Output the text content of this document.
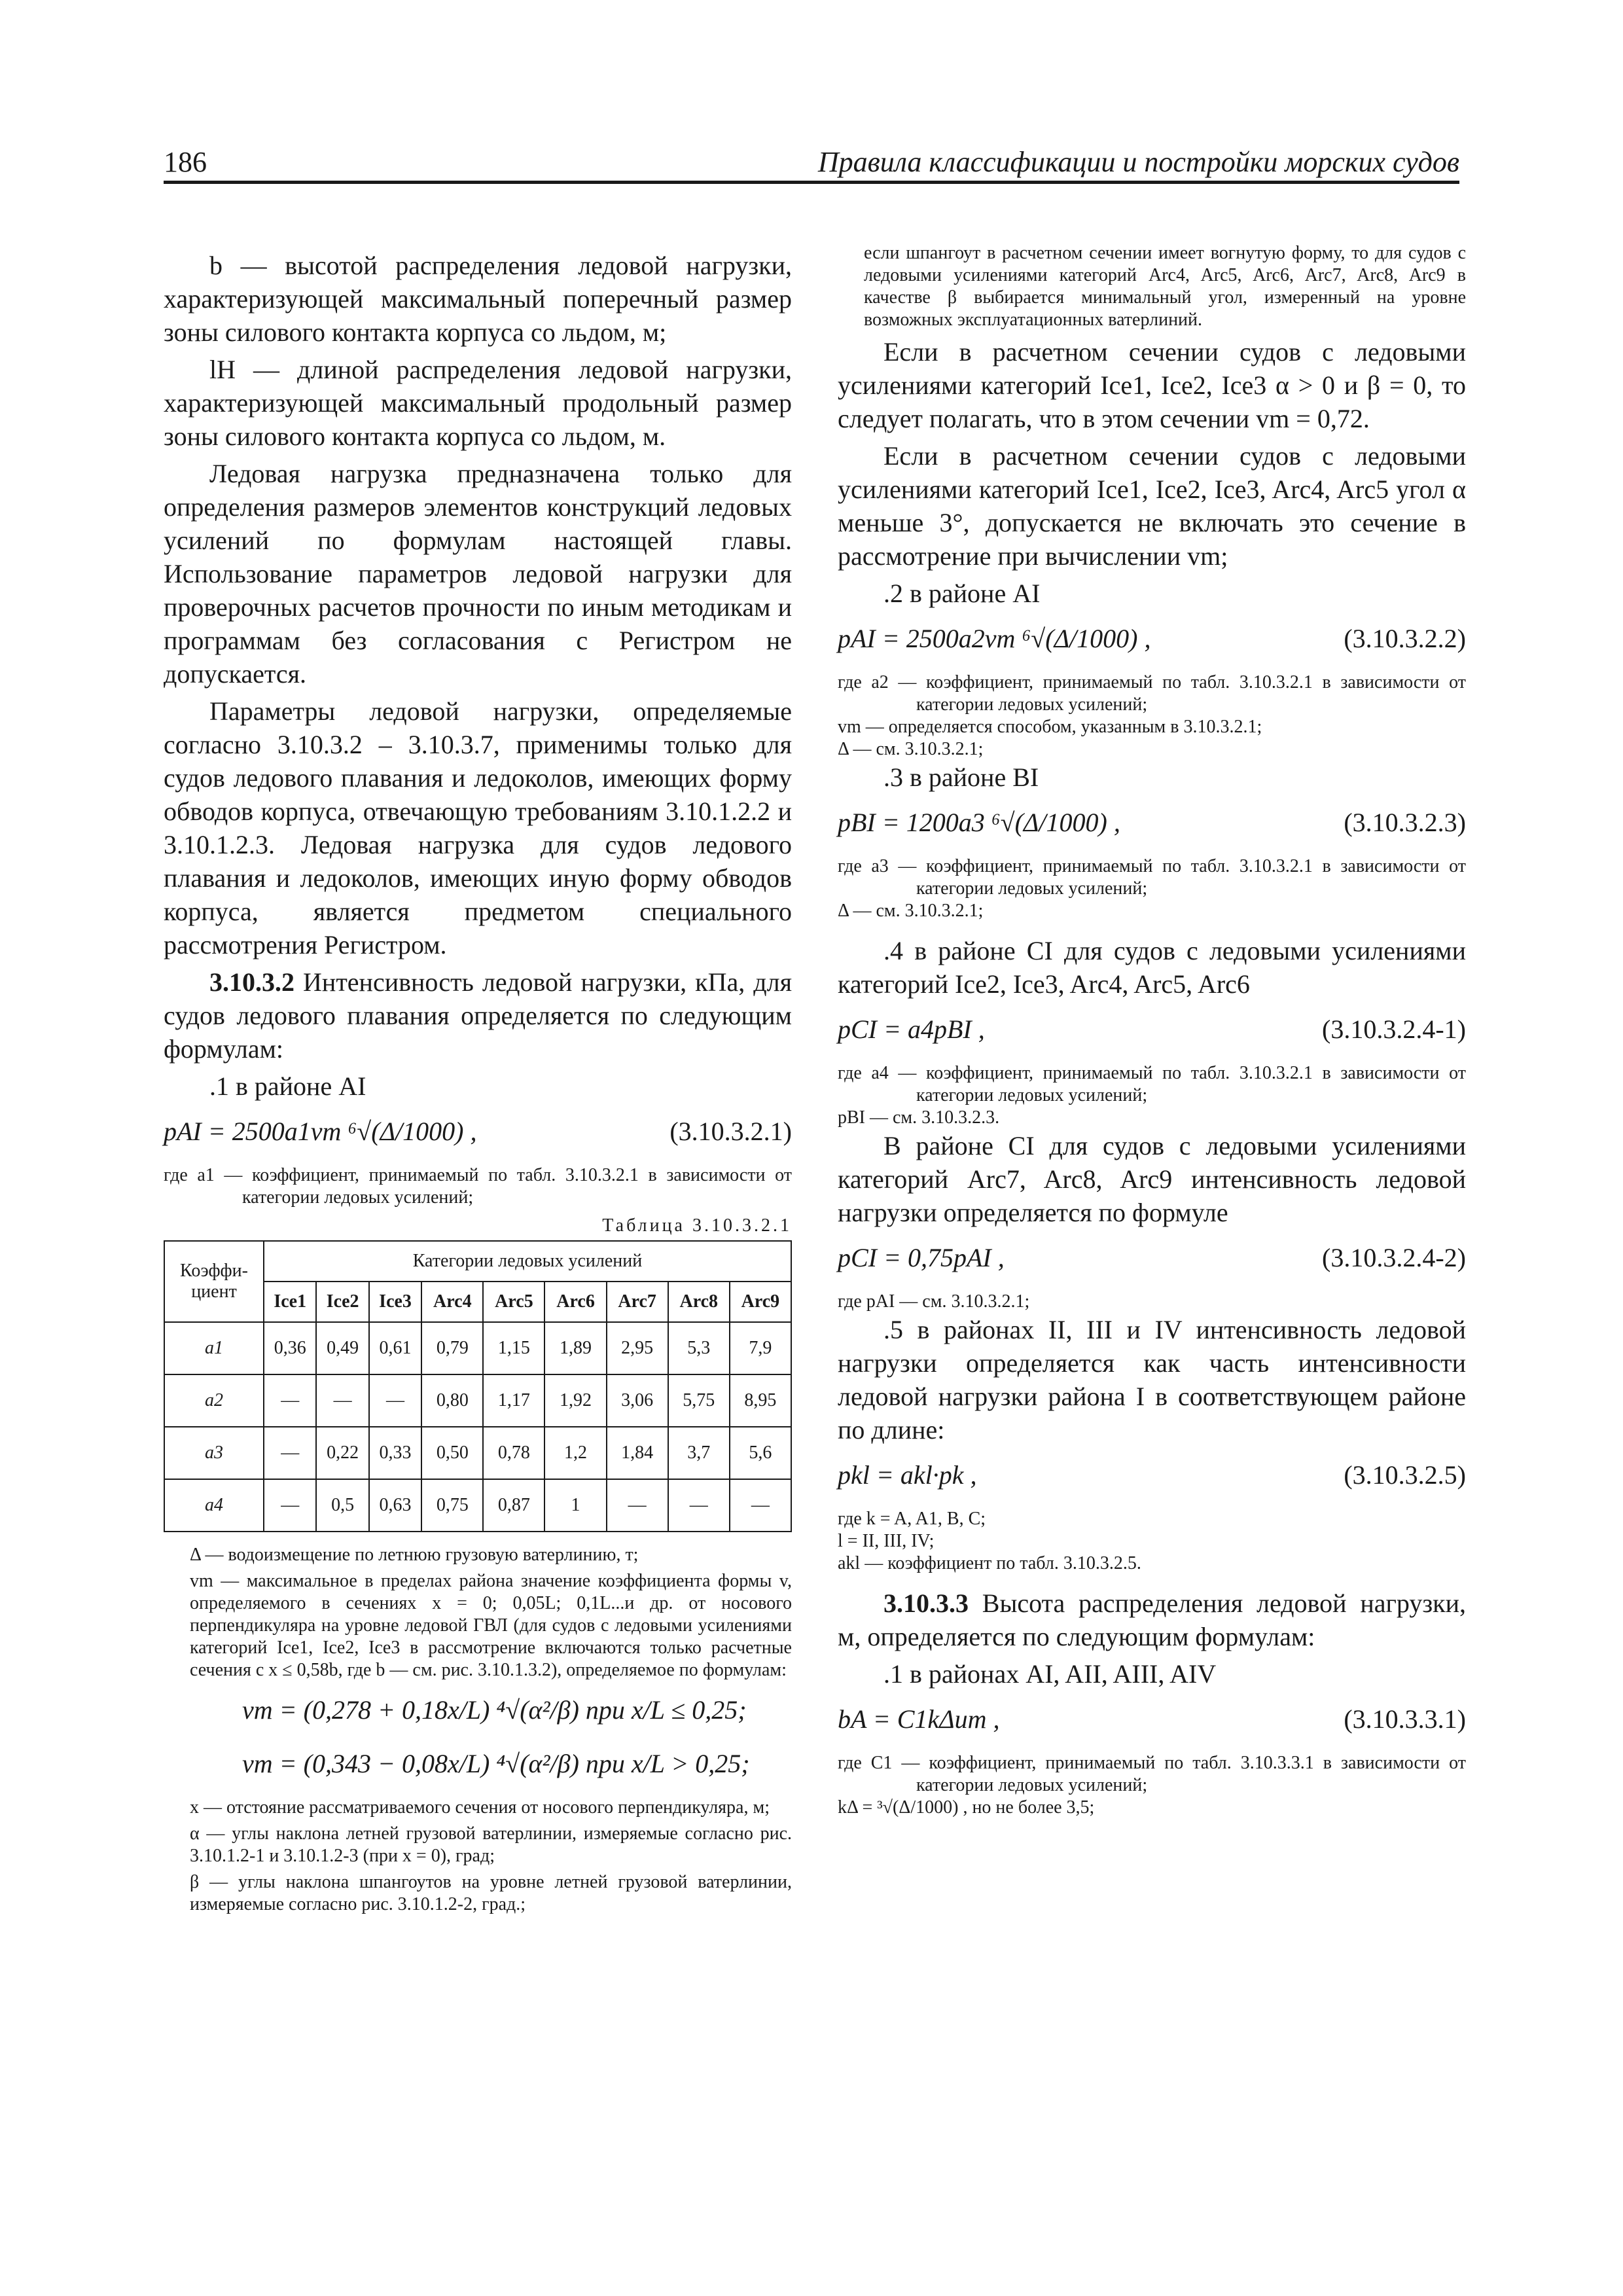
186	Правила классификации и постройки морских судов

b — высотой распределения ледовой нагрузки, характеризующей максимальный поперечный размер зоны силового контакта корпуса со льдом, м;

lH — длиной распределения ледовой нагрузки, характеризующей максимальный продольный размер зоны силового контакта корпуса со льдом, м.

Ледовая нагрузка предназначена только для определения размеров элементов конструкций ледовых усилений по формулам настоящей главы. Использование параметров ледовой нагрузки для проверочных расчетов прочности по иным методикам и программам без согласования с Регистром не допускается.

Параметры ледовой нагрузки, определяемые согласно 3.10.3.2 – 3.10.3.7, применимы только для судов ледового плавания и ледоколов, имеющих форму обводов корпуса, отвечающую требованиям 3.10.1.2.2 и 3.10.1.2.3. Ледовая нагрузка для судов ледового плавания и ледоколов, имеющих иную форму обводов корпуса, является предметом специального рассмотрения Регистром.

3.10.3.2 Интенсивность ледовой нагрузки, кПа, для судов ледового плавания определяется по следующим формулам:

.1 в районе AI

pAI = 2500a1vm ⁶√(Δ/1000) ,	(3.10.3.2.1)

где a1 — коэффициент, принимаемый по табл. 3.10.3.2.1 в зависимости от категории ледовых усилений;

Таблица 3.10.3.2.1
Коэффи-циент	Категории ледовых усилений								
	Ice1	Ice2	Ice3	Arc4	Arc5	Arc6	Arc7	Arc8	Arc9
a1	0,36	0,49	0,61	0,79	1,15	1,89	2,95	5,3	7,9
a2	—	—	—	0,80	1,17	1,92	3,06	5,75	8,95
a3	—	0,22	0,33	0,50	0,78	1,2	1,84	3,7	5,6
a4	—	0,5	0,63	0,75	0,87	1	—	—	—

Δ — водоизмещение по летнюю грузовую ватерлинию, т;

vm — максимальное в пределах района значение коэффициента формы v, определяемого в сечениях x = 0; 0,05L; 0,1L...и др. от носового перпендикуляра на уровне ледовой ГВЛ (для судов с ледовыми усилениями категорий Ice1, Ice2, Ice3 в рассмотрение включаются только расчетные сечения с x ≤ 0,58b, где b — см. рис. 3.10.1.3.2), определяемое по формулам:

vm = (0,278 + 0,18x/L) ⁴√(α²/β) при x/L ≤ 0,25;
vm = (0,343 − 0,08x/L) ⁴√(α²/β) при x/L > 0,25;

x — отстояние рассматриваемого сечения от носового перпендикуляра, м;

α — углы наклона летней грузовой ватерлинии, измеряемые согласно рис. 3.10.1.2-1 и 3.10.1.2-3 (при x = 0), град;

β — углы наклона шпангоутов на уровне летней грузовой ватерлинии, измеряемые согласно рис. 3.10.1.2-2, град.;

если шпангоут в расчетном сечении имеет вогнутую форму, то для судов с ледовыми усилениями категорий Arc4, Arc5, Arc6, Arc7, Arc8, Arc9 в качестве β выбирается минимальный угол, измеренный на уровне возможных эксплуатационных ватерлиний.

Если в расчетном сечении судов с ледовыми усилениями категорий Ice1, Ice2, Ice3 α > 0 и β = 0, то следует полагать, что в этом сечении vm = 0,72.

Если в расчетном сечении судов с ледовыми усилениями категорий Ice1, Ice2, Ice3, Arc4, Arc5 угол α меньше 3°, допускается не включать это сечение в рассмотрение при вычислении vm;

.2 в районе AI

pAI = 2500a2vm ⁶√(Δ/1000) ,	(3.10.3.2.2)

где a2 — коэффициент, принимаемый по табл. 3.10.3.2.1 в зависимости от категории ледовых усилений;

vm — определяется способом, указанным в 3.10.3.2.1;

Δ — см. 3.10.3.2.1;

.3 в районе BI

pBI = 1200a3 ⁶√(Δ/1000) ,	(3.10.3.2.3)

где a3 — коэффициент, принимаемый по табл. 3.10.3.2.1 в зависимости от категории ледовых усилений;

Δ — см. 3.10.3.2.1;

.4 в районе CI для судов с ледовыми усилениями категорий Ice2, Ice3, Arc4, Arc5, Arc6

pCI = a4pBI ,	(3.10.3.2.4-1)

где a4 — коэффициент, принимаемый по табл. 3.10.3.2.1 в зависимости от категории ледовых усилений;

pBI — см. 3.10.3.2.3.

В районе CI для судов с ледовыми усилениями категорий Arc7, Arc8, Arc9 интенсивность ледовой нагрузки определяется по формуле

pCI = 0,75pAI ,	(3.10.3.2.4-2)

где pAI — см. 3.10.3.2.1;

.5 в районах II, III и IV интенсивность ледовой нагрузки определяется как часть интенсивности ледовой нагрузки района I в соответствующем районе по длине:

pkl = akl·pk ,	(3.10.3.2.5)

где k = A, A1, B, C;

l = II, III, IV;

akl — коэффициент по табл. 3.10.3.2.5.

3.10.3.3 Высота распределения ледовой нагрузки, м, определяется по следующим формулам:

.1 в районах AI, AII, AIII, AIV

bA = C1kΔum ,	(3.10.3.3.1)

где C1 — коэффициент, принимаемый по табл. 3.10.3.3.1 в зависимости от категории ледовых усилений;

kΔ = ³√(Δ/1000) , но не более 3,5;
